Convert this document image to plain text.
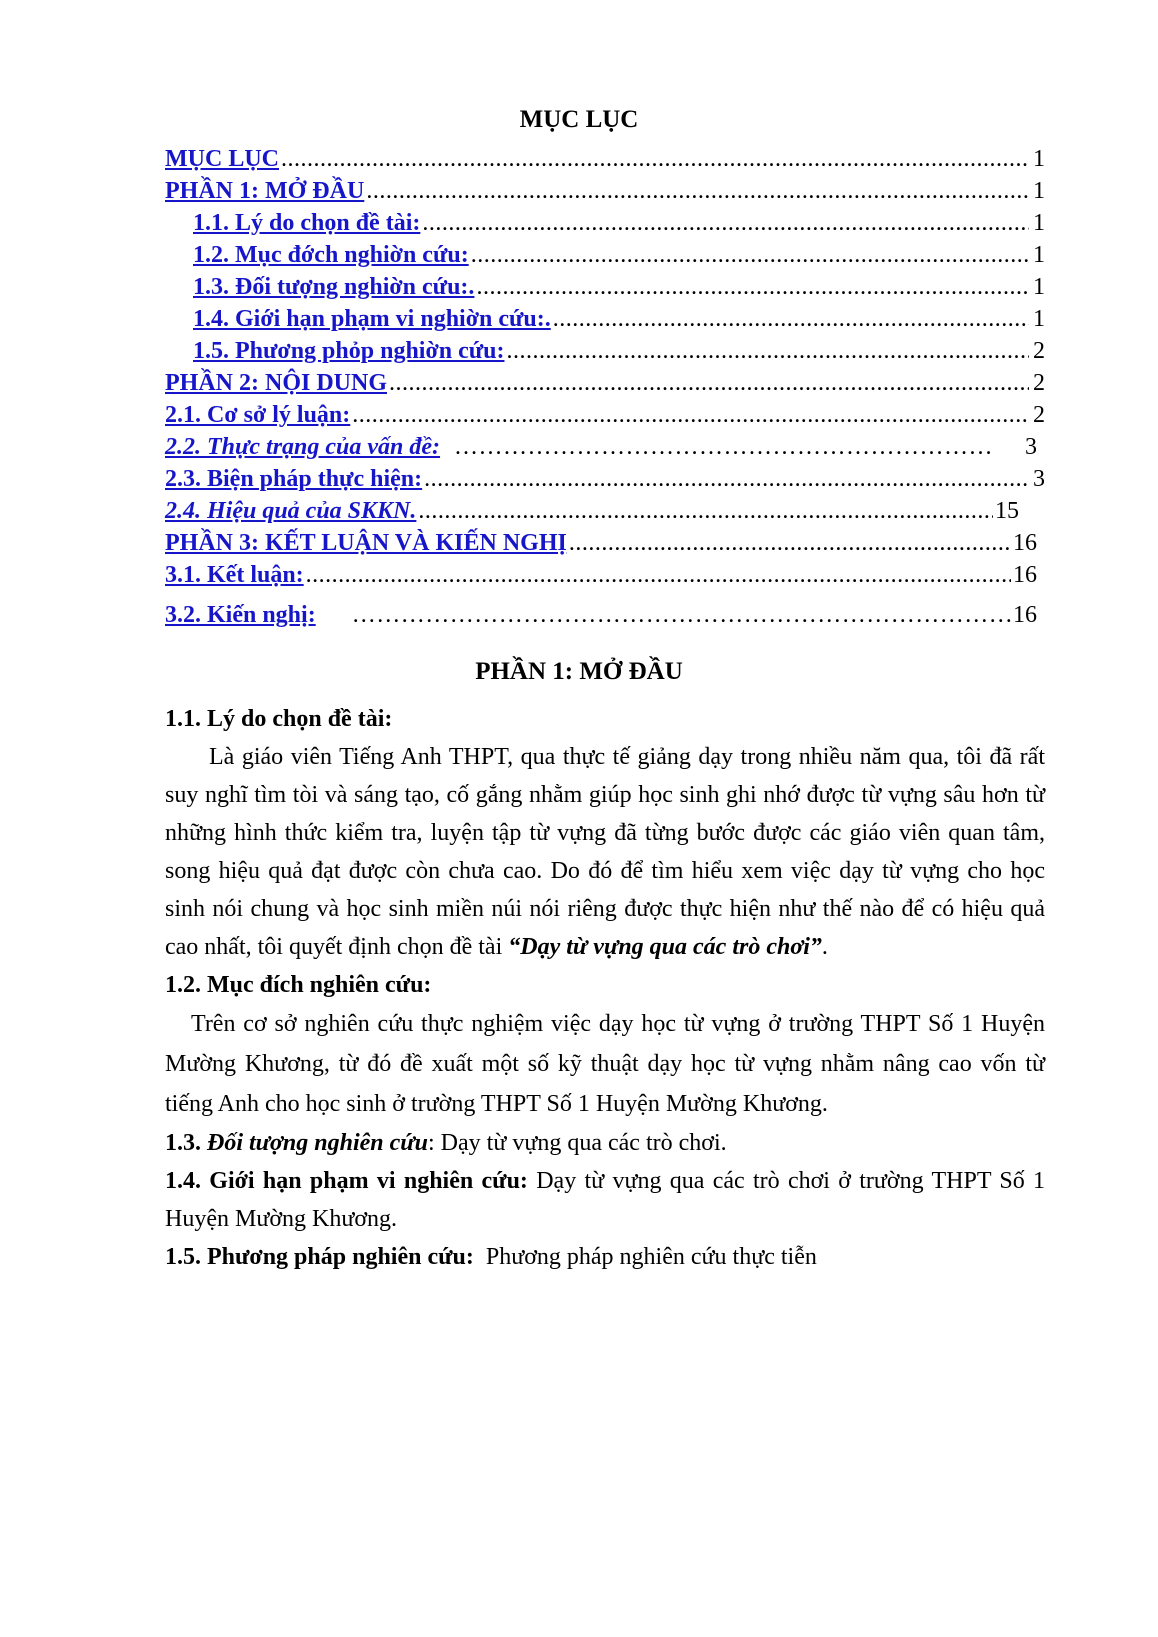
MỤC LỤC
MỤC LỤC .....	1
PHẦN 1: MỞ ĐẦU .....	1
1.1. Lý do chọn đề tài: .....	1
1.2. Mục đớch nghiờn cứu: .....	1
1.3. Đối tượng nghiờn cứu:. .....	1
1.4. Giới hạn phạm vi nghiờn cứu:. .....	1
1.5. Phương phỏp nghiờn cứu: .....	2
PHẦN 2: NỘI DUNG .....	2
2.1. Cơ sở lý luận: .....	2
2.2. Thực trạng của vấn đề: …………………………………………………………………………………………	3
2.3. Biện pháp thực hiện: .....	3
2.4. Hiệu quả của SKKN. .....	15
PHẦN 3: KẾT LUẬN VÀ KIẾN NGHỊ .....	16
3.1. Kết luận: .....	16
3.2. Kiến nghị: …………………………………………………………………………………………	16
PHẦN 1: MỞ ĐẦU

1.1. Lý do chọn đề tài:

Là giáo viên Tiếng Anh THPT, qua thực tế giảng dạy trong nhiều năm qua, tôi đã rất suy nghĩ tìm tòi và sáng tạo, cố gắng nhằm giúp học sinh ghi nhớ được từ vựng sâu hơn từ những hình thức kiểm tra, luyện tập từ vựng đã từng bước được các giáo viên quan tâm, song hiệu quả đạt được còn chưa cao. Do đó để tìm hiểu xem việc dạy từ vựng cho học sinh nói chung và học sinh miền núi nói riêng được thực hiện như thế nào để có hiệu quả cao nhất, tôi quyết định chọn đề tài “Dạy từ vựng qua các trò chơi”.

1.2. Mục đích nghiên cứu:

Trên cơ sở nghiên cứu thực nghiệm việc dạy học từ vựng ở trường THPT Số 1 Huyện Mường Khương, từ đó đề xuất một số kỹ thuật dạy học từ vựng nhằm nâng cao vốn từ tiếng Anh cho học sinh ở trường THPT Số 1 Huyện Mường Khương.

1.3. Đối tượng nghiên cứu: Dạy từ vựng qua các trò chơi.

1.4. Giới hạn phạm vi nghiên cứu: Dạy từ vựng qua các trò chơi ở trường THPT Số 1 Huyện Mường Khương.

1.5. Phương pháp nghiên cứu:  Phương pháp nghiên cứu thực tiễn
